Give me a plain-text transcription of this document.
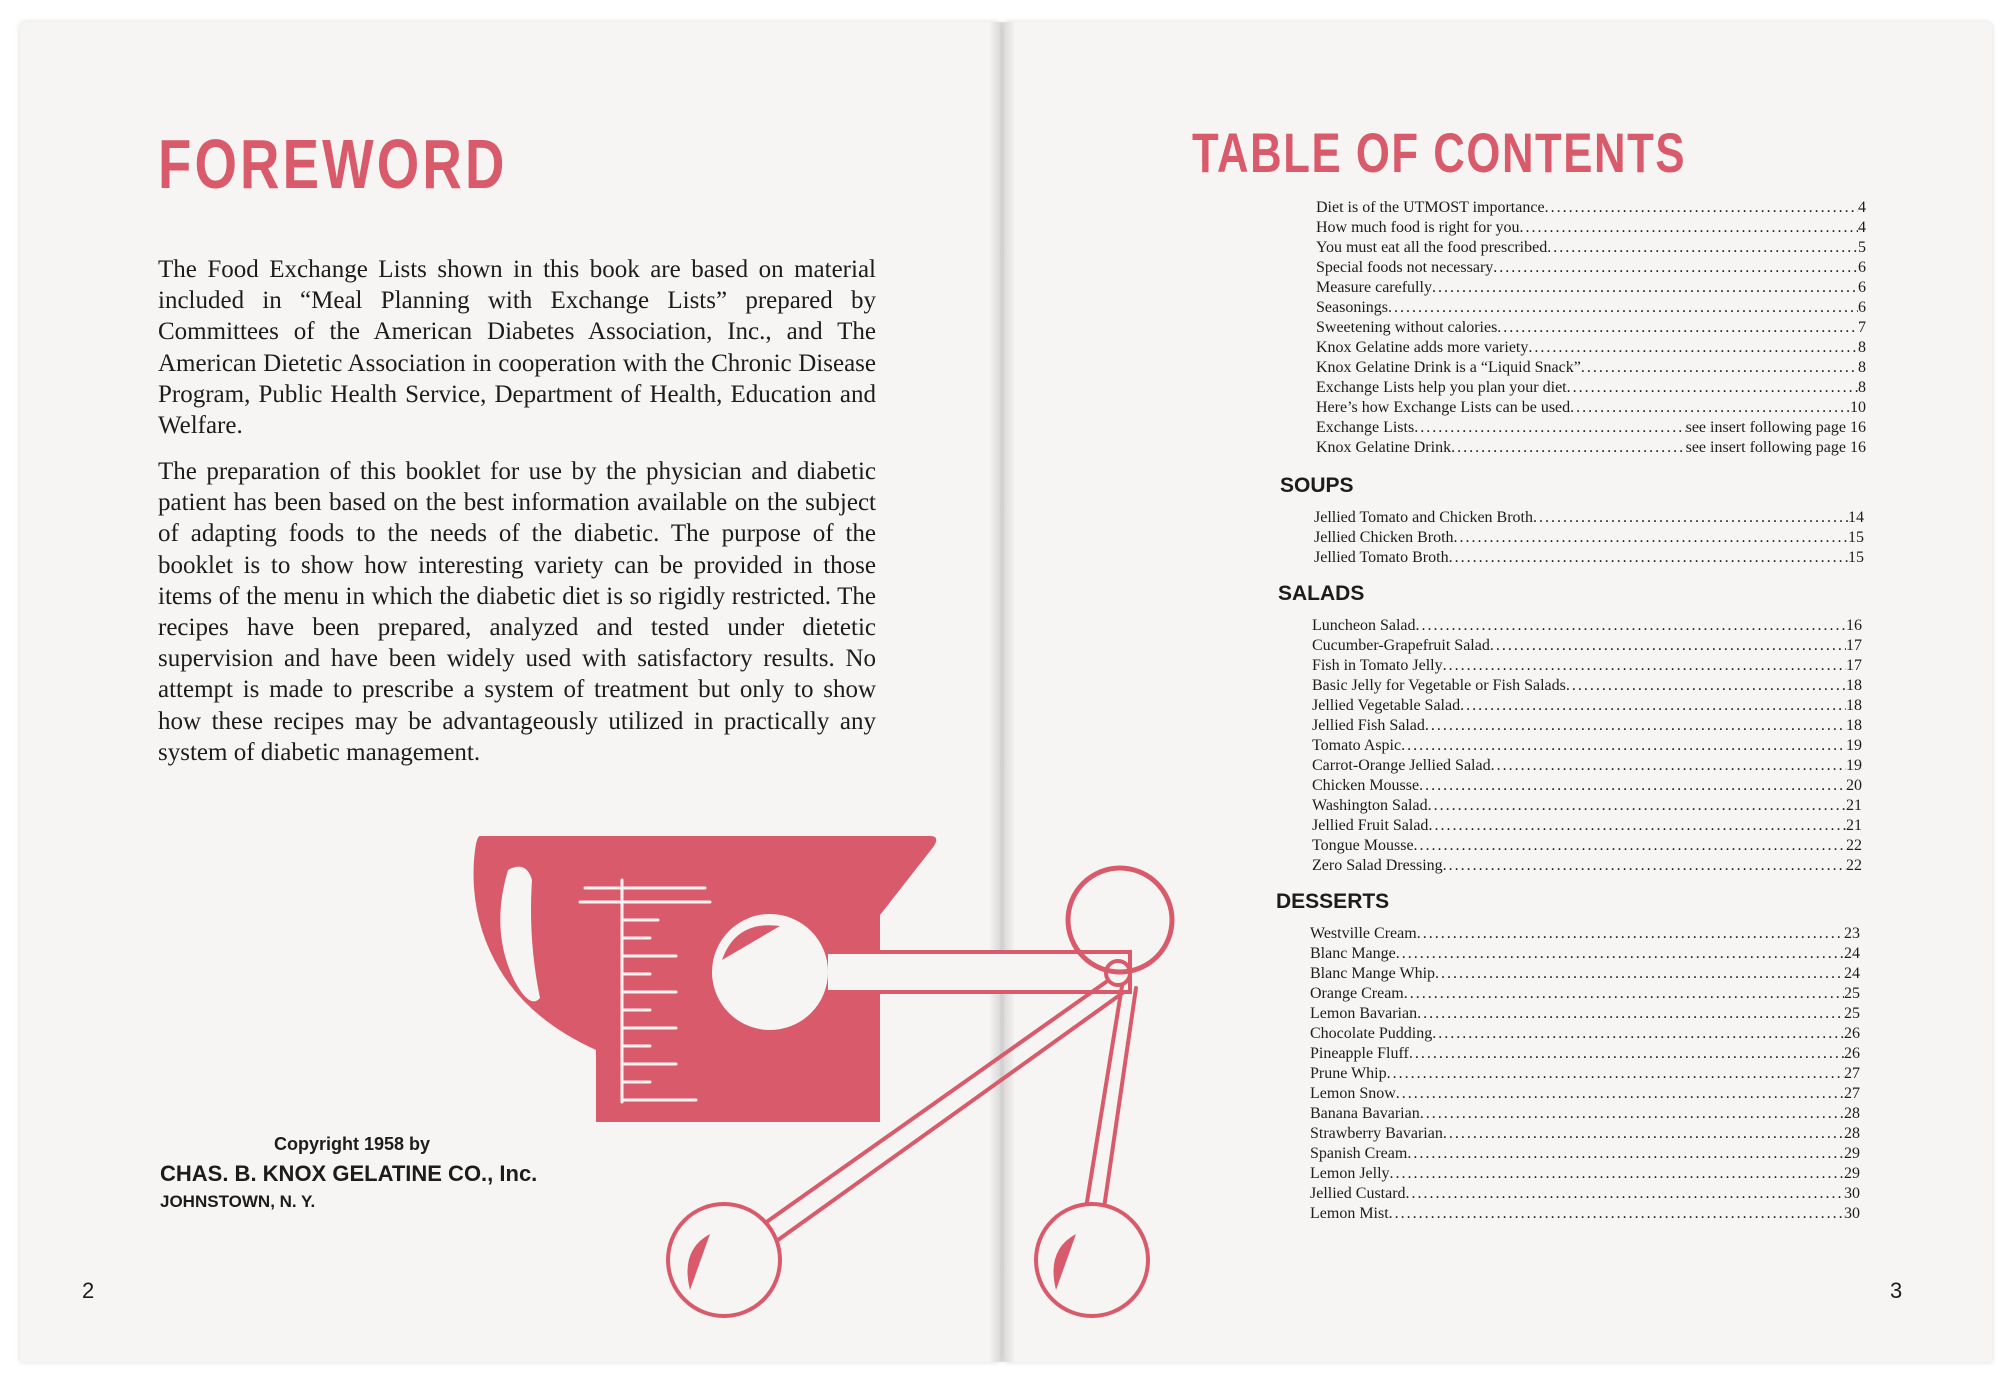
FOREWORD

The Food Exchange Lists shown in this book are based on material included in “Meal Planning with Exchange Lists” prepared by Committees of the American Diabetes Association, Inc., and The American Dietetic Association in cooperation with the Chronic Disease Program, Public Health Service, Department of Health, Education and Welfare.

The preparation of this booklet for use by the physician and diabetic patient has been based on the best information available on the subject of adapting foods to the needs of the diabetic. The purpose of the booklet is to show how interesting variety can be provided in those items of the menu in which the diabetic diet is so rigidly restricted. The recipes have been prepared, analyzed and tested under dietetic supervision and have been widely used with satisfactory results. No attempt is made to prescribe a system of treatment but only to show how these recipes may be advantageously utilized in practically any system of diabetic management.

Copyright 1958 by
CHAS. B. KNOX GELATINE CO., Inc.
JOHNSTOWN, N. Y.
2
TABLE OF CONTENTS
Diet is of the UTMOST importance .....	4
How much food is right for you .....	4
You must eat all the food prescribed .....	5
Special foods not necessary .....	6
Measure carefully .....	6
Seasonings .....	6
Sweetening without calories .....	7
Knox Gelatine adds more variety .....	8
Knox Gelatine Drink is a “Liquid Snack” .....	8
Exchange Lists help you plan your diet .....	8
Here’s how Exchange Lists can be used .....	10
Exchange Lists .....	see insert following page 16
Knox Gelatine Drink .....	see insert following page 16
SOUPS
Jellied Tomato and Chicken Broth .....	14
Jellied Chicken Broth .....	15
Jellied Tomato Broth .....	15
SALADS
Luncheon Salad .....	16
Cucumber-Grapefruit Salad .....	17
Fish in Tomato Jelly .....	17
Basic Jelly for Vegetable or Fish Salads .....	18
Jellied Vegetable Salad .....	18
Jellied Fish Salad .....	18
Tomato Aspic .....	19
Carrot-Orange Jellied Salad .....	19
Chicken Mousse .....	20
Washington Salad .....	21
Jellied Fruit Salad .....	21
Tongue Mousse .....	22
Zero Salad Dressing .....	22
DESSERTS
Westville Cream .....	23
Blanc Mange .....	24
Blanc Mange Whip .....	24
Orange Cream .....	25
Lemon Bavarian .....	25
Chocolate Pudding .....	26
Pineapple Fluff .....	26
Prune Whip .....	27
Lemon Snow .....	27
Banana Bavarian .....	28
Strawberry Bavarian .....	28
Spanish Cream .....	29
Lemon Jelly .....	29
Jellied Custard .....	30
Lemon Mist .....	30
3
